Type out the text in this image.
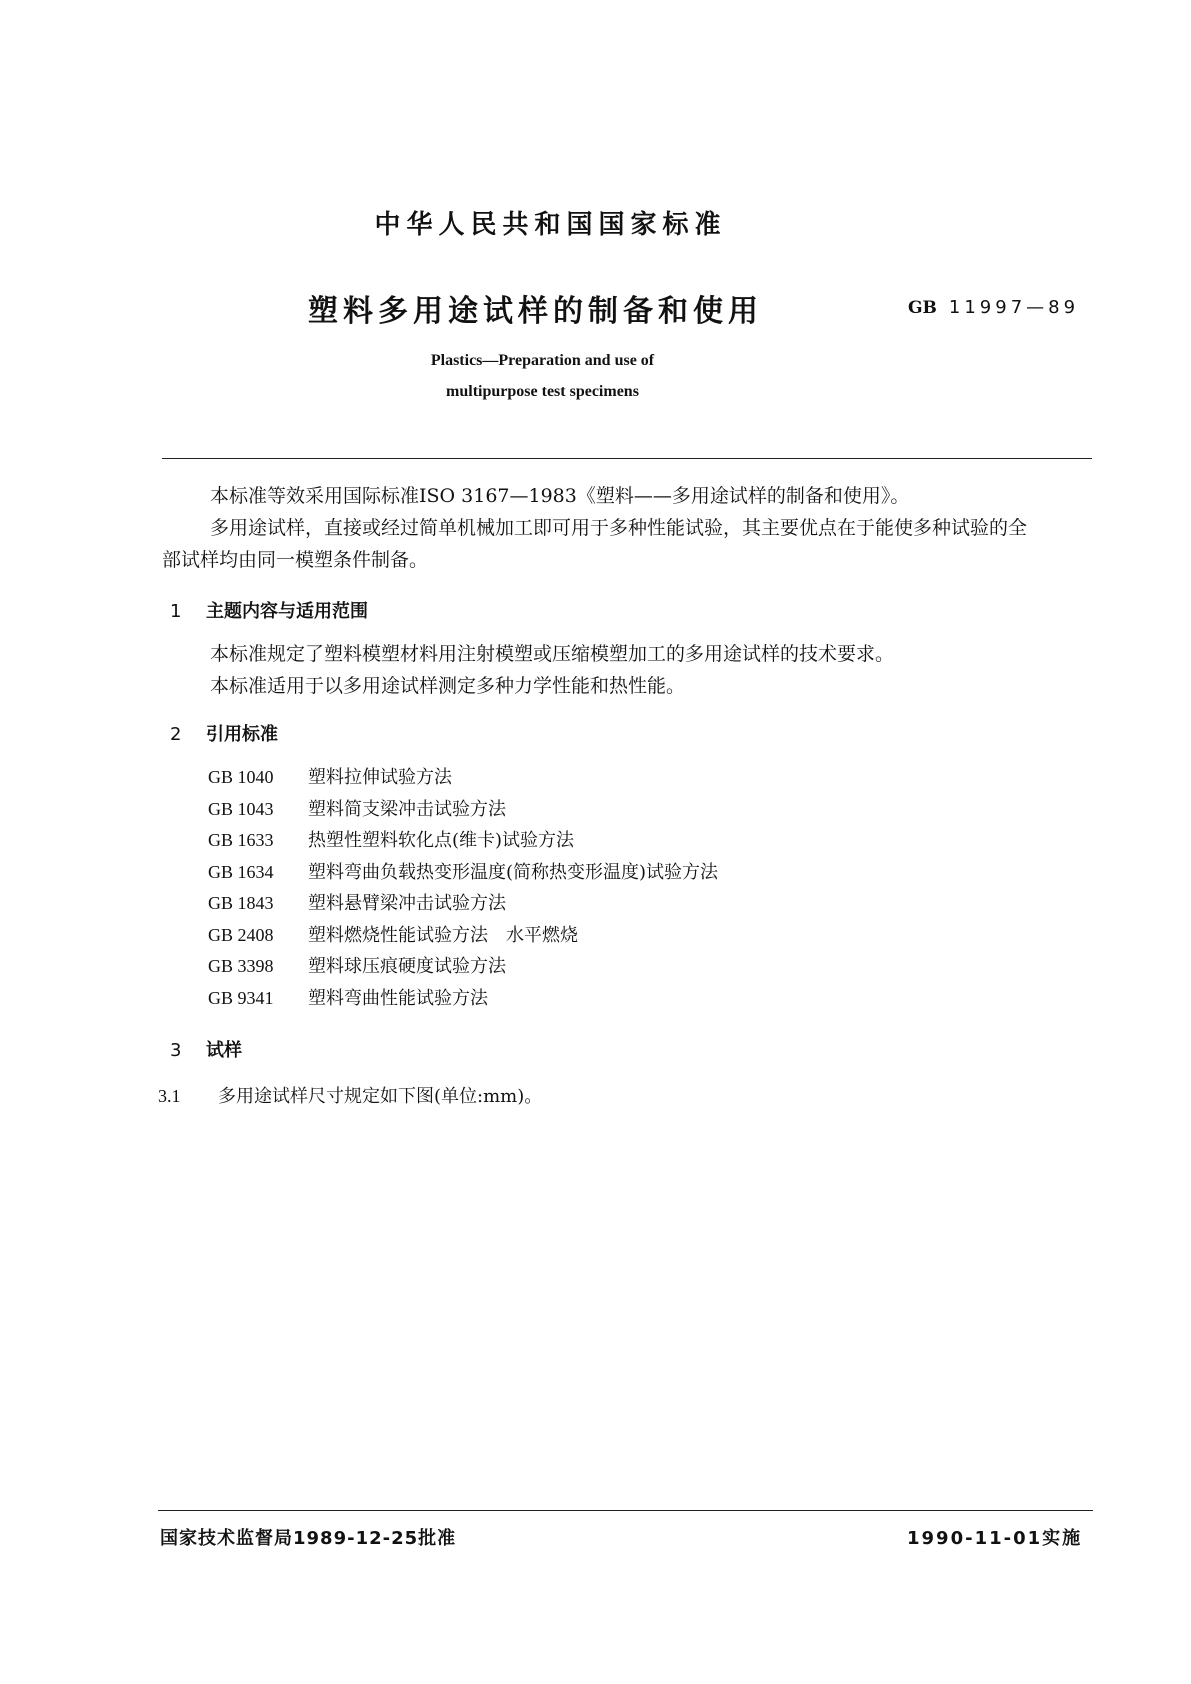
中华人民共和国国家标准
塑料多用途试样的制备和使用	GB 11997—89
Plastics—Preparation and use of
multipurpose test specimens
本标准等效采用国际标准ISO 3167—1983《塑料——多用途试样的制备和使用》。
多用途试样，直接或经过简单机械加工即可用于多种性能试验，其主要优点在于能使多种试验的全
部试样均由同一模塑条件制备。
1 主题内容与适用范围
本标准规定了塑料模塑材料用注射模塑或压缩模塑加工的多用途试样的技术要求。
本标准适用于以多用途试样测定多种力学性能和热性能。
2 引用标准
GB 1040 塑料拉伸试验方法
GB 1043 塑料简支梁冲击试验方法
GB 1633 热塑性塑料软化点(维卡)试验方法
GB 1634 塑料弯曲负载热变形温度(简称热变形温度)试验方法
GB 1843 塑料悬臂梁冲击试验方法
GB 2408 塑料燃烧性能试验方法　水平燃烧
GB 3398 塑料球压痕硬度试验方法
GB 9341 塑料弯曲性能试验方法
3 试样
3.1 多用途试样尺寸规定如下图(单位:mm)。
国家技术监督局1989-12-25批准	1990-11-01实施
